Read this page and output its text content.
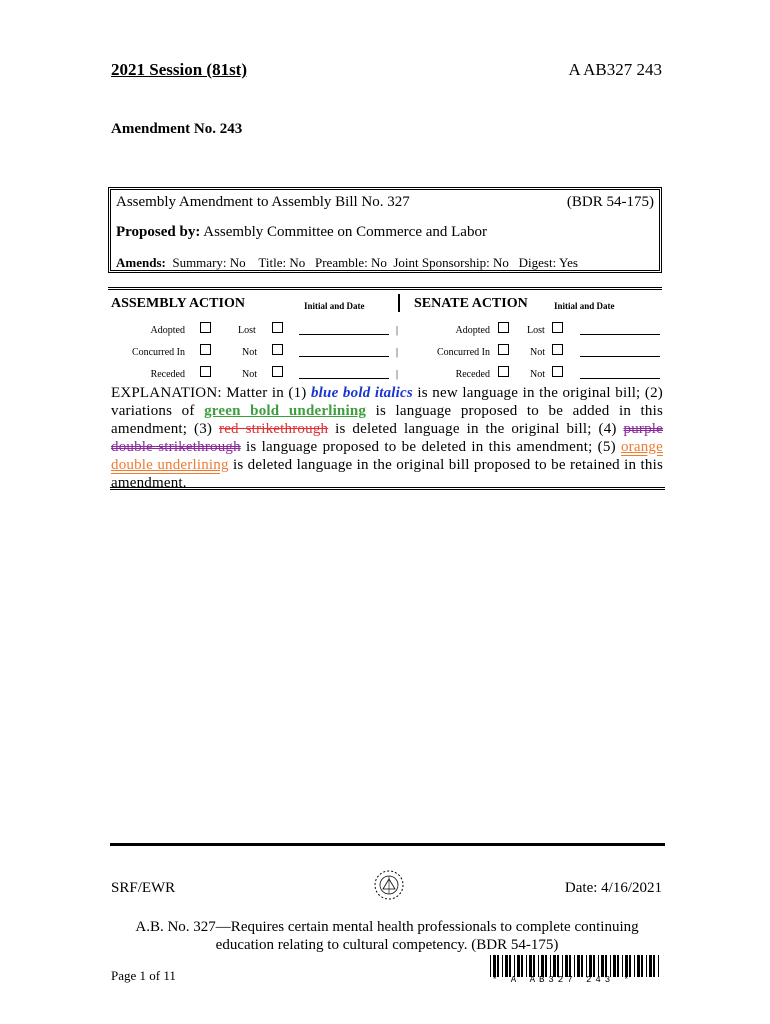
2021 Session (81st)	A AB327 243
Amendment No. 243
Assembly Amendment to Assembly Bill No. 327	(BDR 54-175)
Proposed by: Assembly Committee on Commerce and Labor
Amends: Summary: No    Title: No   Preamble: No  Joint Sponsorship: No   Digest: Yes
ASSEMBLY ACTION	Initial and Date	SENATE ACTION	Initial and Date
Adopted	Lost	|	Adopted	Lost
Concurred In	Not	|	Concurred In	Not
Receded	Not	|	Receded	Not
EXPLANATION: Matter in (1) blue bold italics is new language in the original bill; (2) variations of green bold underlining is language proposed to be added in this amendment; (3) red strikethrough is deleted language in the original bill; (4) purple double strikethrough is language proposed to be deleted in this amendment; (5) orange double underlining is deleted language in the original bill proposed to be retained in this amendment.
SRF/EWR	Date: 4/16/2021
A.B. No. 327—Requires certain mental health professionals to complete continuing
education relating to cultural competency. (BDR 54-175)
Page 1 of 11	* A AB327 243 *
